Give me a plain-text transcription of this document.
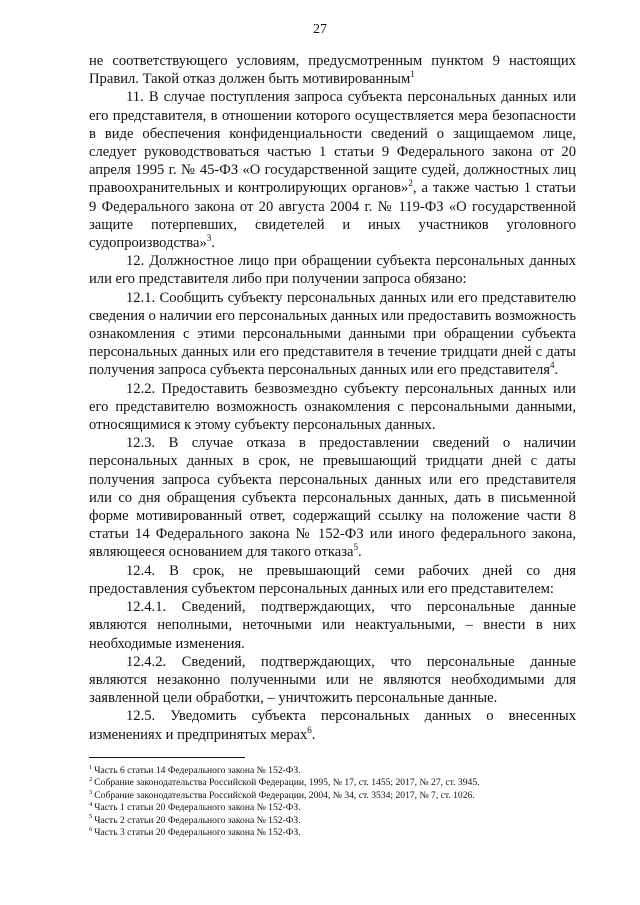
27

не соответствующего условиям, предусмотренным пунктом 9 настоящих Правил. Такой отказ должен быть мотивированным$^1$

11. В случае поступления запроса субъекта персональных данных или его представителя, в отношении которого осуществляется мера безопасности в виде обеспечения конфиденциальности сведений о защищаемом лице, следует руководствоваться частью 1 статьи 9 Федерального закона от 20 апреля 1995 г. № 45-ФЗ «О государственной защите судей, должностных лиц правоохранительных и контролирующих органов»$^2$, а также частью 1 статьи 9 Федерального закона от 20 августа 2004 г. № 119-ФЗ «О государственной защите потерпевших, свидетелей и иных участников уголовного судопроизводства»$^3$.

12. Должностное лицо при обращении субъекта персональных данных или его представителя либо при получении запроса обязано:

12.1. Сообщить субъекту персональных данных или его представителю сведения о наличии его персональных данных или предоставить возможность ознакомления с этими персональными данными при обращении субъекта персональных данных или его представителя в течение тридцати дней с даты получения запроса субъекта персональных данных или его представителя$^4$.

12.2. Предоставить безвозмездно субъекту персональных данных или его представителю возможность ознакомления с персональными данными, относящимися к этому субъекту персональных данных.

12.3. В случае отказа в предоставлении сведений о наличии персональных данных в срок, не превышающий тридцати дней с даты получения запроса субъекта персональных данных или его представителя или со дня обращения субъекта персональных данных, дать в письменной форме мотивированный ответ, содержащий ссылку на положение части 8 статьи 14 Федерального закона № 152-ФЗ или иного федерального закона, являющееся основанием для такого отказа$^5$.

12.4. В срок, не превышающий семи рабочих дней со дня предоставления субъектом персональных данных или его представителем:

12.4.1. Сведений, подтверждающих, что персональные данные являются неполными, неточными или неактуальными, – внести в них необходимые изменения.

12.4.2. Сведений, подтверждающих, что персональные данные являются незаконно полученными или не являются необходимыми для заявленной цели обработки, – уничтожить персональные данные.

12.5. Уведомить субъекта персональных данных о внесенных изменениях и предпринятых мерах$^6$.

$^1$ Часть 6 статьи 14 Федерального закона № 152-ФЗ.

$^2$ Собрание законодательства Российской Федерации, 1995, № 17, ст. 1455; 2017, № 27, ст. 3945.

$^3$ Собрание законодательства Российской Федерации, 2004, № 34, ст. 3534; 2017, № 7, ст. 1026.

$^4$ Часть 1 статьи 20 Федерального закона № 152-ФЗ.

$^5$ Часть 2 статьи 20 Федерального закона № 152-ФЗ.

$^6$ Часть 3 статьи 20 Федерального закона № 152-ФЗ.
